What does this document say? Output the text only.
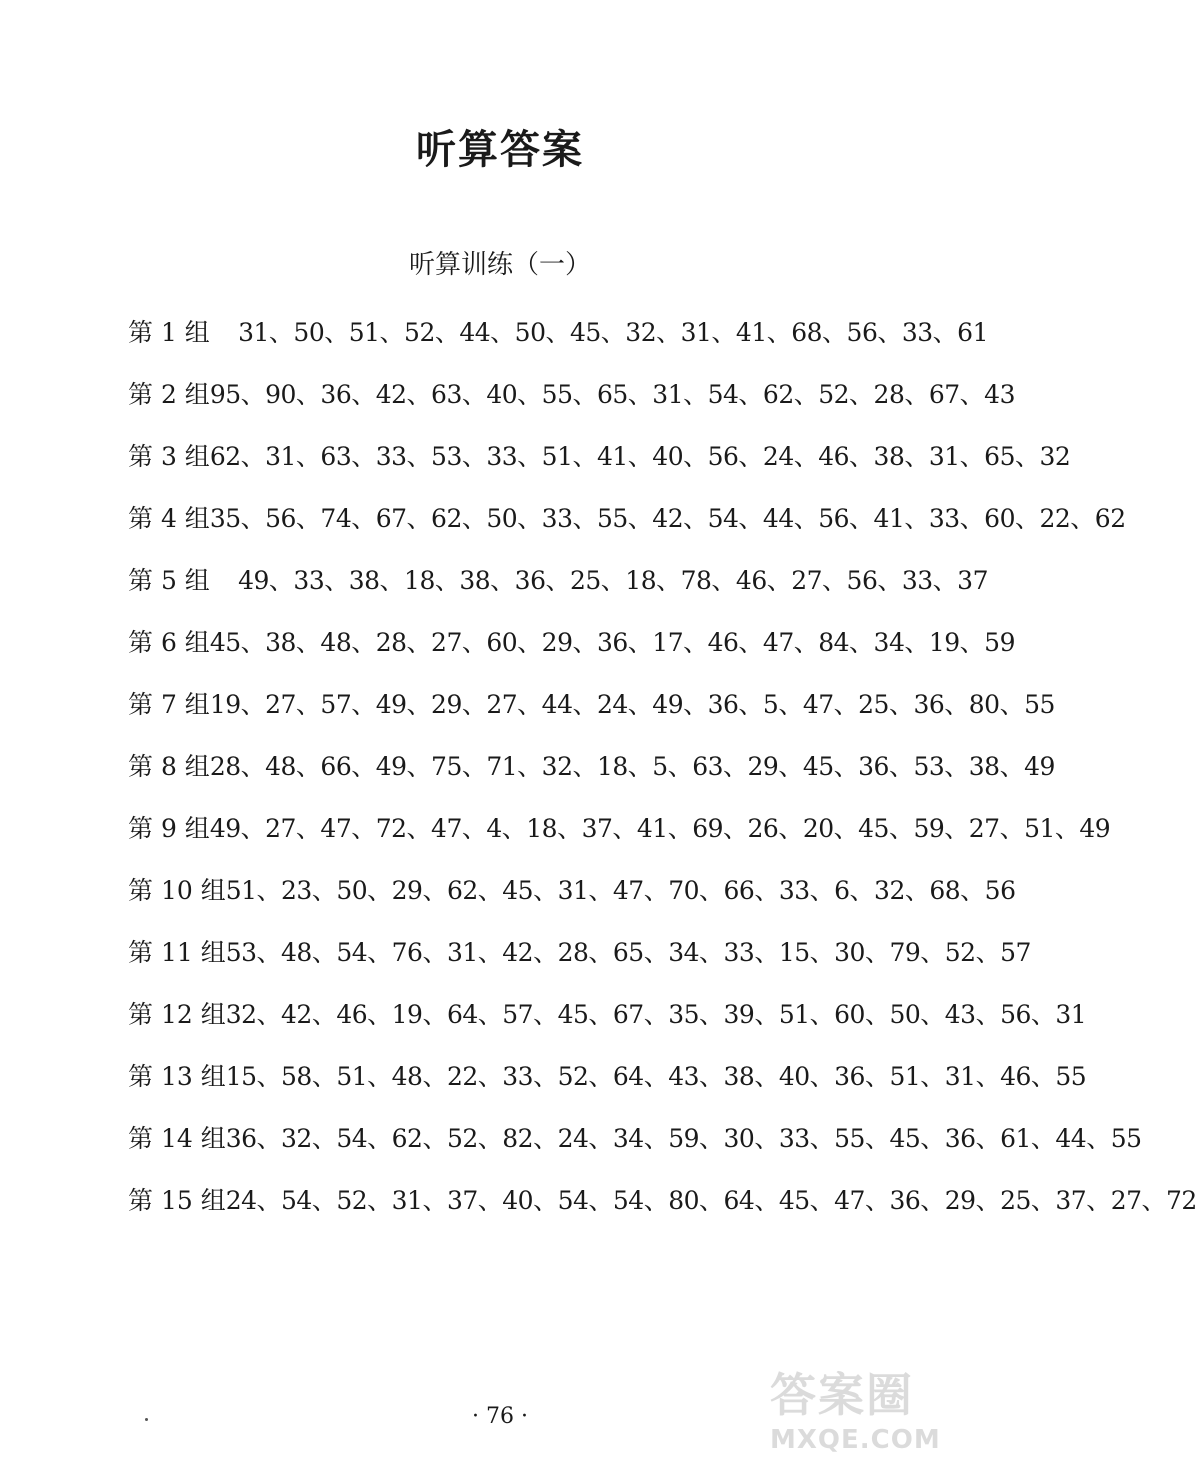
听算答案
听算训练（一）
第 1 组	31、50、51、52、44、50、45、32、31、41、68、56、33、61
第 2 组 95、90、36、42、63、40、55、65、31、54、62、52、28、67、43
第 3 组 62、31、63、33、53、33、51、41、40、56、24、46、38、31、65、32
第 4 组 35、56、74、67、62、50、33、55、42、54、44、56、41、33、60、22、62
第 5 组	49、33、38、18、38、36、25、18、78、46、27、56、33、37
第 6 组 45、38、48、28、27、60、29、36、17、46、47、84、34、19、59
第 7 组 19、27、57、49、29、27、44、24、49、36、5、47、25、36、80、55
第 8 组 28、48、66、49、75、71、32、18、5、63、29、45、36、53、38、49
第 9 组 49、27、47、72、47、4、18、37、41、69、26、20、45、59、27、51、49
第 10 组 51、23、50、29、62、45、31、47、70、66、33、6、32、68、56
第 11 组 53、48、54、76、31、42、28、65、34、33、15、30、79、52、57
第 12 组 32、42、46、19、64、57、45、67、35、39、51、60、50、43、56、31
第 13 组 15、58、51、48、22、33、52、64、43、38、40、36、51、31、46、55
第 14 组 36、32、54、62、52、82、24、34、59、30、33、55、45、36、61、44、55
第 15 组 24、54、52、31、37、40、54、54、80、64、45、47、36、29、25、37、27、72
· 76 ·	答案圈
MXQE.COM
